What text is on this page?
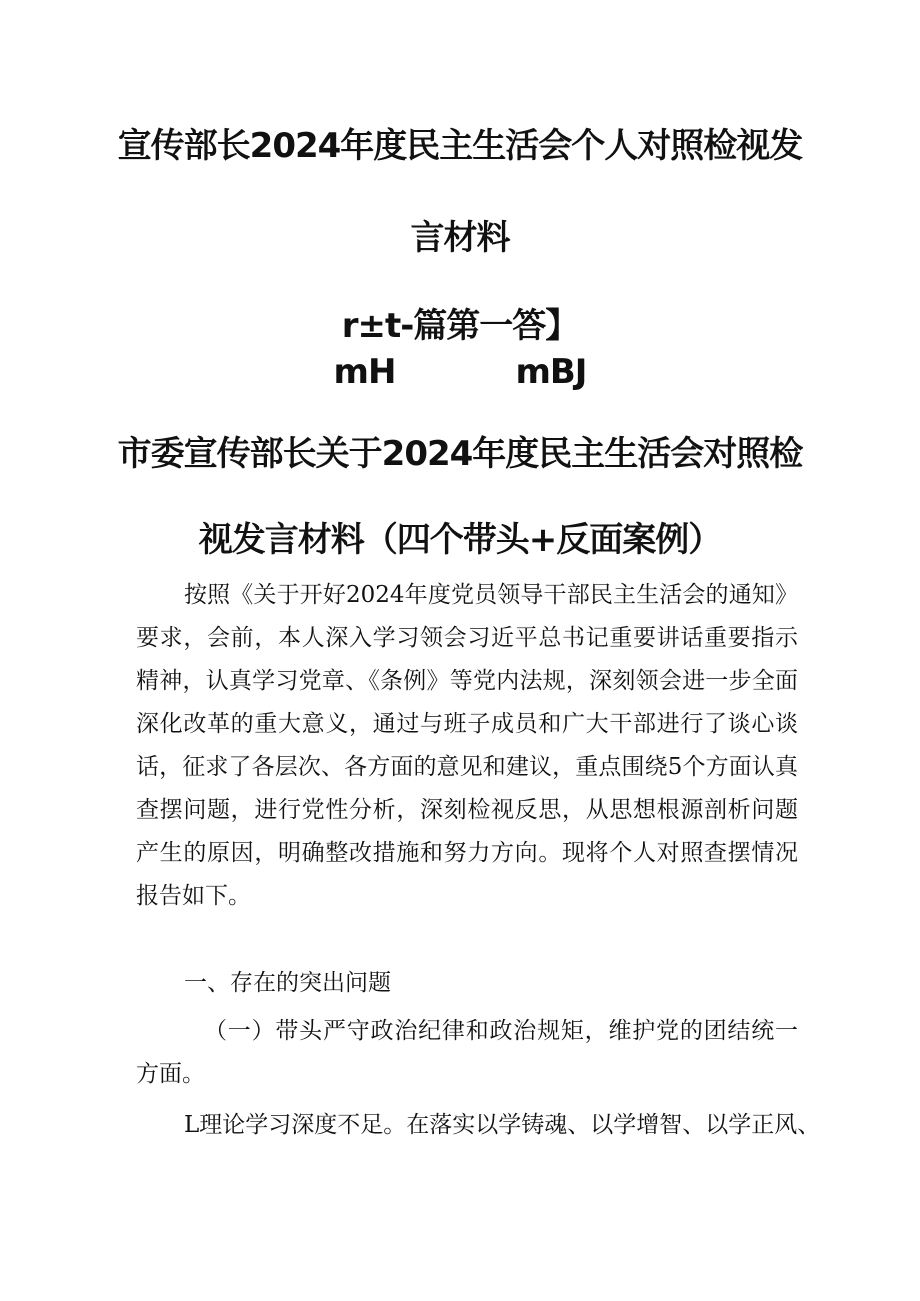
宣传部长2024年度民主生活会个人对照检视发
言材料
r±t-篇第一答】
mH	mBJ
市委宣传部长关于2024年度民主生活会对照检
视发言材料（四个带头+反面案例）

按照《关于开好2024年度党员领导干部民主生活会的通知》要求，会前，本人深入学习领会习近平总书记重要讲话重要指示精神，认真学习党章、《条例》等党内法规，深刻领会进一步全面深化改革的重大意义，通过与班子成员和广大干部进行了谈心谈话，征求了各层次、各方面的意见和建议，重点围绕5个方面认真查摆问题，进行党性分析，深刻检视反思，从思想根源剖析问题产生的原因，明确整改措施和努力方向。现将个人对照查摆情况报告如下。

一、存在的突出问题

（一）带头严守政治纪律和政治规矩，维护党的团结统一方面。

L理论学习深度不足。在落实以学铸魂、以学增智、以学正风、
